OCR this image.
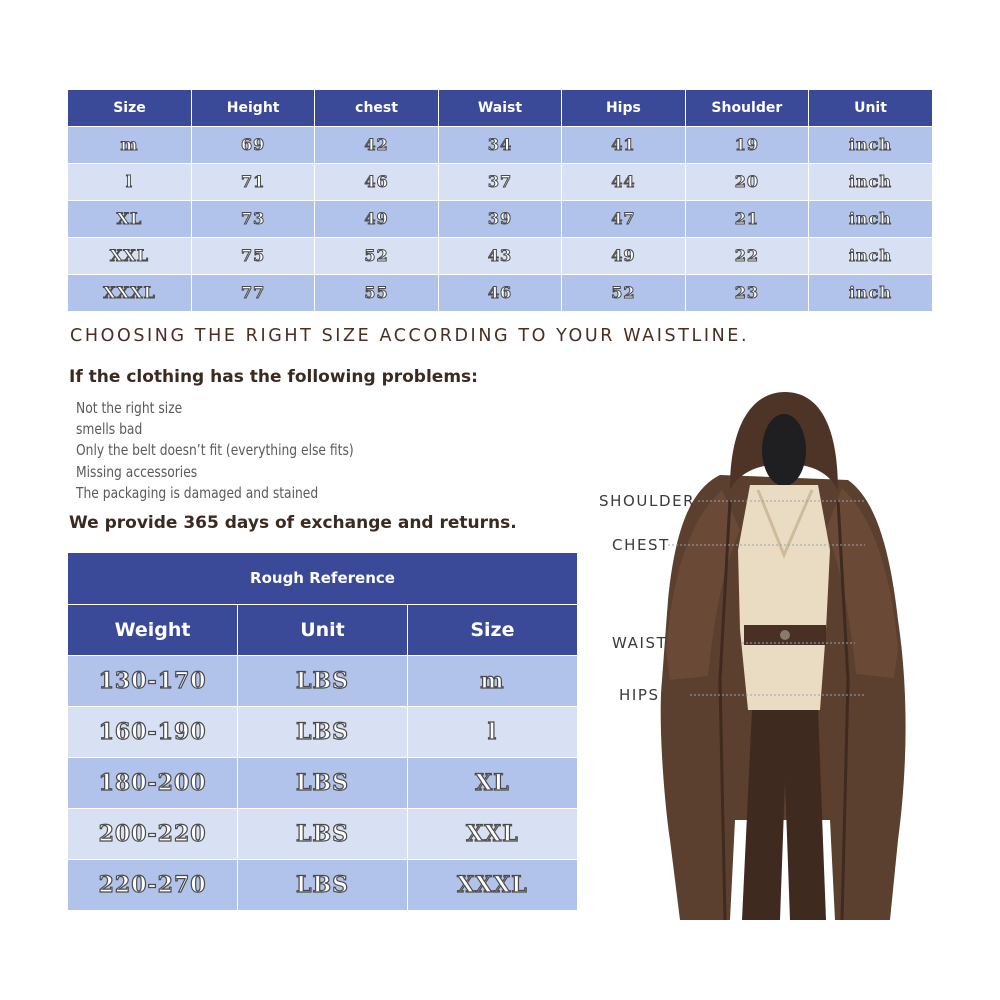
Size	Height	chest	Waist	Hips	Shoulder	Unit
m	69	42	34	41	19	inch
l	71	46	37	44	20	inch
XL	73	49	39	47	21	inch
XXL	75	52	43	49	22	inch
XXXL	77	55	46	52	23	inch
CHOOSING THE RIGHT SIZE ACCORDING TO YOUR WAISTLINE.
If the clothing has the following problems:
Not the right size
smells bad
Only the belt doesn’t fit (everything else fits)
Missing accessories
The packaging is damaged and stained
We provide 365 days of exchange and returns.
Rough Reference		
Weight	Unit	Size
130-170	LBS	m
160-190	LBS	l
180-200	LBS	XL
200-220	LBS	XXL
220-270	LBS	XXXL
SHOULDER
CHEST
WAIST
HIPS
